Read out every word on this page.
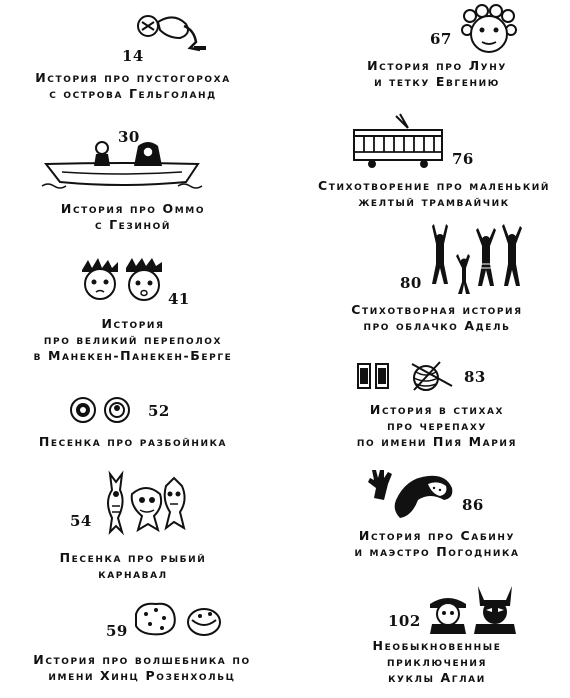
14
История про пустогороха
с острова Гельголанд
30
История про Оммо
с Гезиной
41
История
про великий переполох
в Манекен-Панекен-Берге
52
Песенка про разбойника
54
Песенка про рыбий
карнавал
59
История про волшебника по
имени Хинц Розенхольц
67
История про Луну
и тетку Евгению
76
Стихотворение про маленький
желтый трамвайчик
80
Стихотворная история
про облачко Адель
83
История в стихах
про черепаху
по имени Пия Мария
86
История про Сабину
и маэстро Погодника
102
Необыкновенные
приключения
куклы Аглаи
